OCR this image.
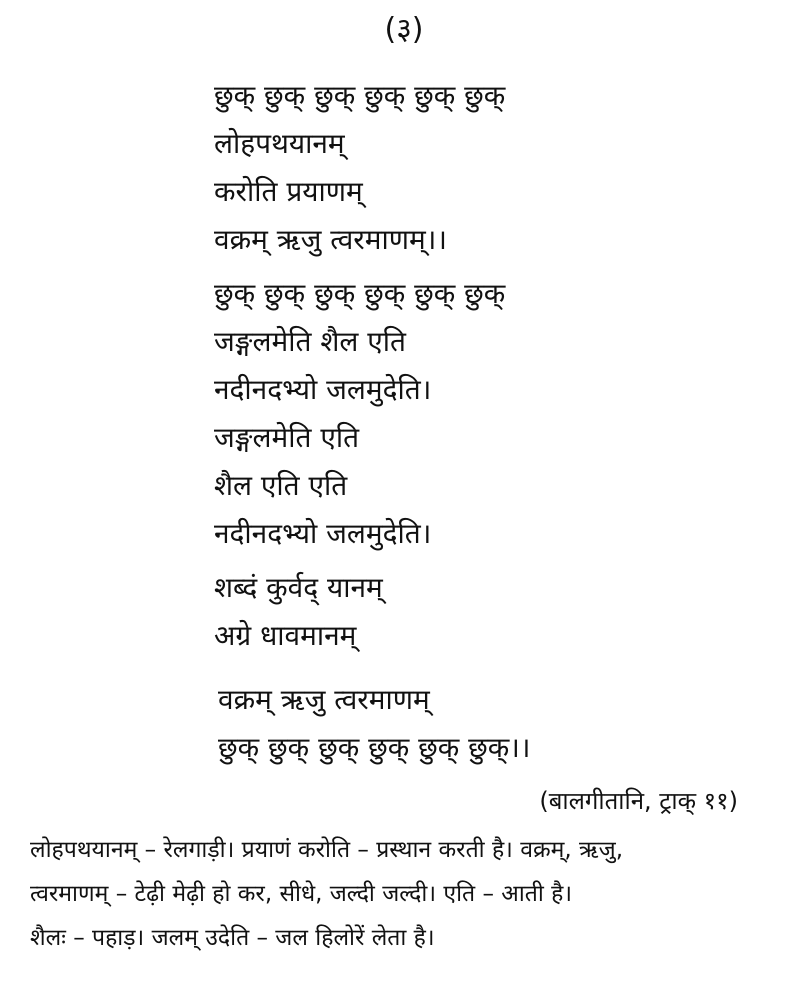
(३)
छुक् छुक् छुक् छुक् छुक् छुक्
लोहपथयानम्
करोति प्रयाणम्
वक्रम् ऋजु त्वरमाणम्।।
छुक् छुक् छुक् छुक् छुक् छुक्
जङ्गलमेति शैल एति
नदीनदभ्यो जलमुदेति।
जङ्गलमेति एति
शैल एति एति
नदीनदभ्यो जलमुदेति।
शब्दं कुर्वद् यानम्
अग्रे धावमानम्
वक्रम् ऋजु त्वरमाणम्
छुक् छुक् छुक् छुक् छुक् छुक्।।
(बालगीतानि, ट्राक् ११)
लोहपथयानम् – रेलगाड़ी। प्रयाणं करोति – प्रस्थान करती है। वक्रम्, ऋजु,
त्वरमाणम् – टेढ़ी मेढ़ी हो कर, सीधे, जल्दी जल्दी। एति – आती है।
शैलः – पहाड़। जलम् उदेति – जल हिलोरें लेता है।
